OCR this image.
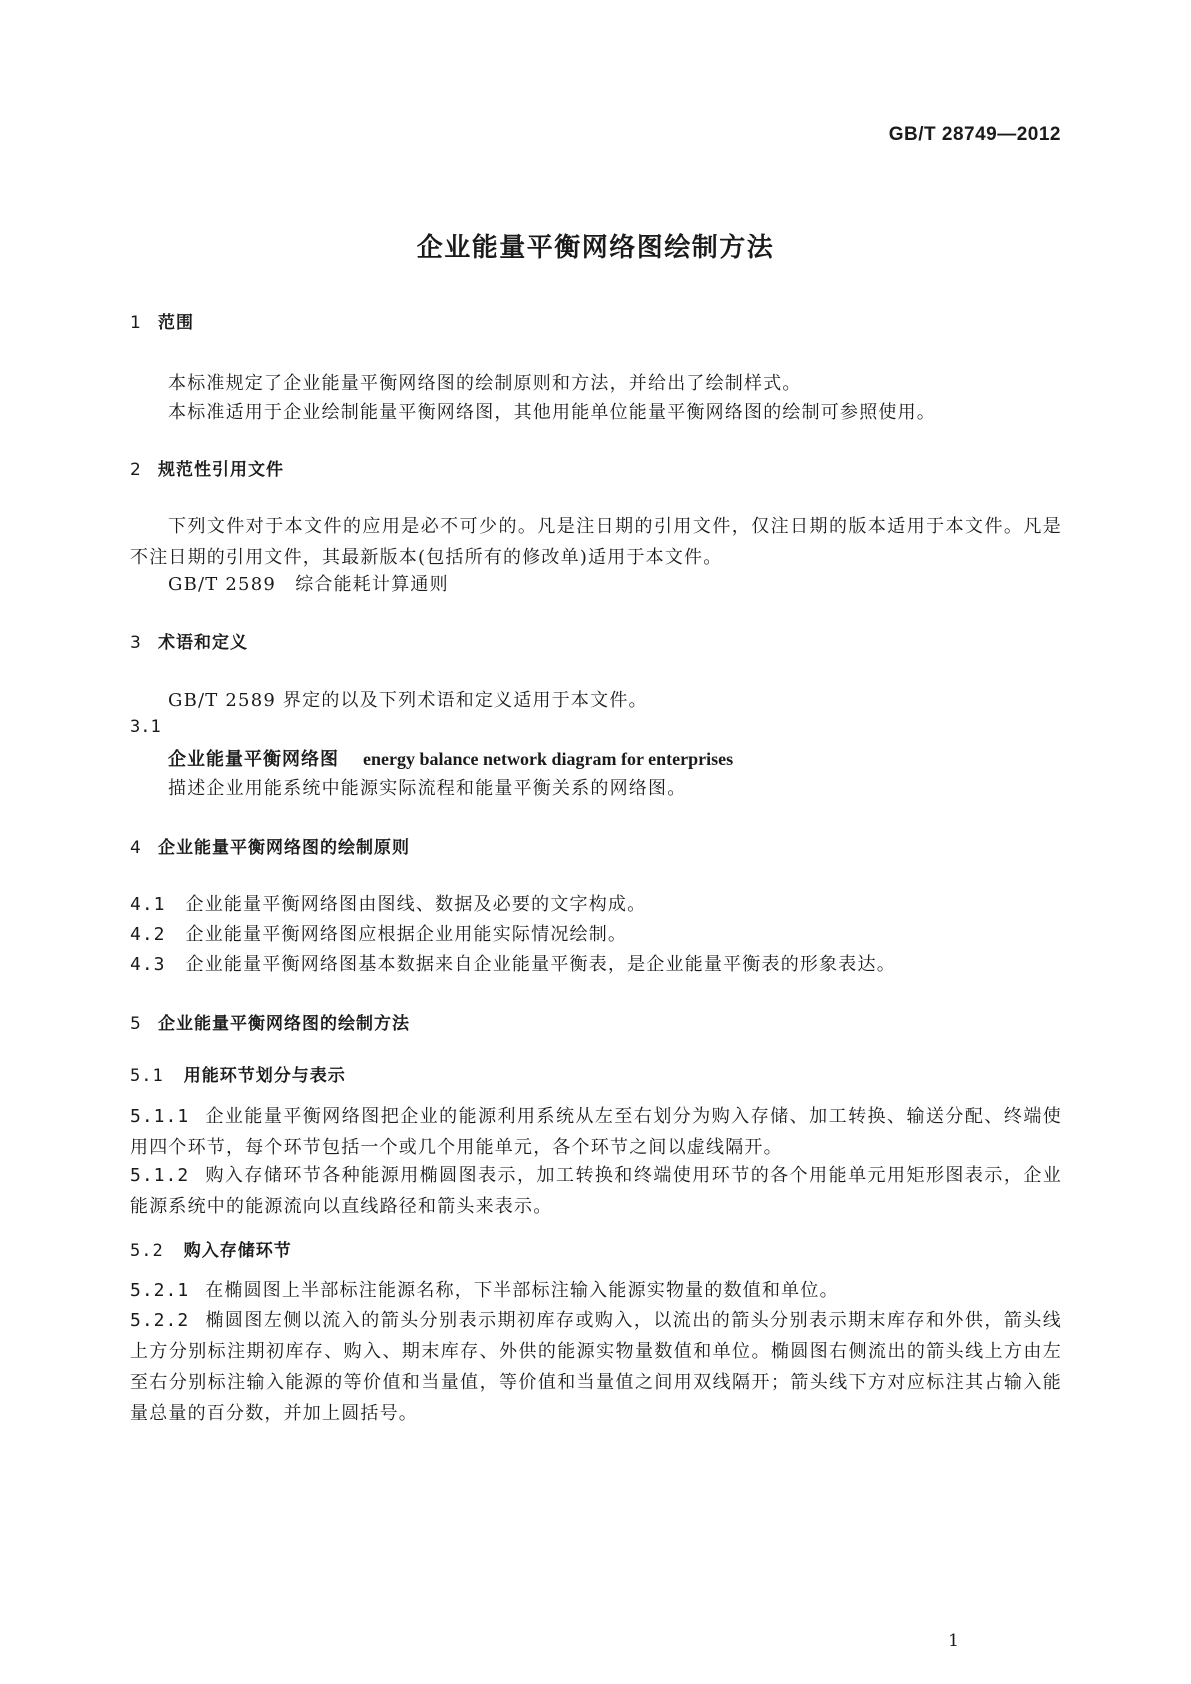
GB/T 28749—2012
企业能量平衡网络图绘制方法
1 范围
本标准规定了企业能量平衡网络图的绘制原则和方法，并给出了绘制样式。
本标准适用于企业绘制能量平衡网络图，其他用能单位能量平衡网络图的绘制可参照使用。
2 规范性引用文件
下列文件对于本文件的应用是必不可少的。凡是注日期的引用文件，仅注日期的版本适用于本文件。凡是不注日期的引用文件，其最新版本(包括所有的修改单)适用于本文件。
GB/T 2589　综合能耗计算通则
3 术语和定义
GB/T 2589 界定的以及下列术语和定义适用于本文件。
3.1
企业能量平衡网络图 energy balance network diagram for enterprises
描述企业用能系统中能源实际流程和能量平衡关系的网络图。
4 企业能量平衡网络图的绘制原则
4.1 企业能量平衡网络图由图线、数据及必要的文字构成。
4.2 企业能量平衡网络图应根据企业用能实际情况绘制。
4.3 企业能量平衡网络图基本数据来自企业能量平衡表，是企业能量平衡表的形象表达。
5 企业能量平衡网络图的绘制方法
5.1 用能环节划分与表示
5.1.1 企业能量平衡网络图把企业的能源利用系统从左至右划分为购入存储、加工转换、输送分配、终端使用四个环节，每个环节包括一个或几个用能单元，各个环节之间以虚线隔开。
5.1.2 购入存储环节各种能源用椭圆图表示，加工转换和终端使用环节的各个用能单元用矩形图表示，企业能源系统中的能源流向以直线路径和箭头来表示。
5.2 购入存储环节
5.2.1 在椭圆图上半部标注能源名称，下半部标注输入能源实物量的数值和单位。
5.2.2 椭圆图左侧以流入的箭头分别表示期初库存或购入，以流出的箭头分别表示期末库存和外供，箭头线上方分别标注期初库存、购入、期末库存、外供的能源实物量数值和单位。椭圆图右侧流出的箭头线上方由左至右分别标注输入能源的等价值和当量值，等价值和当量值之间用双线隔开；箭头线下方对应标注其占输入能量总量的百分数，并加上圆括号。
1
